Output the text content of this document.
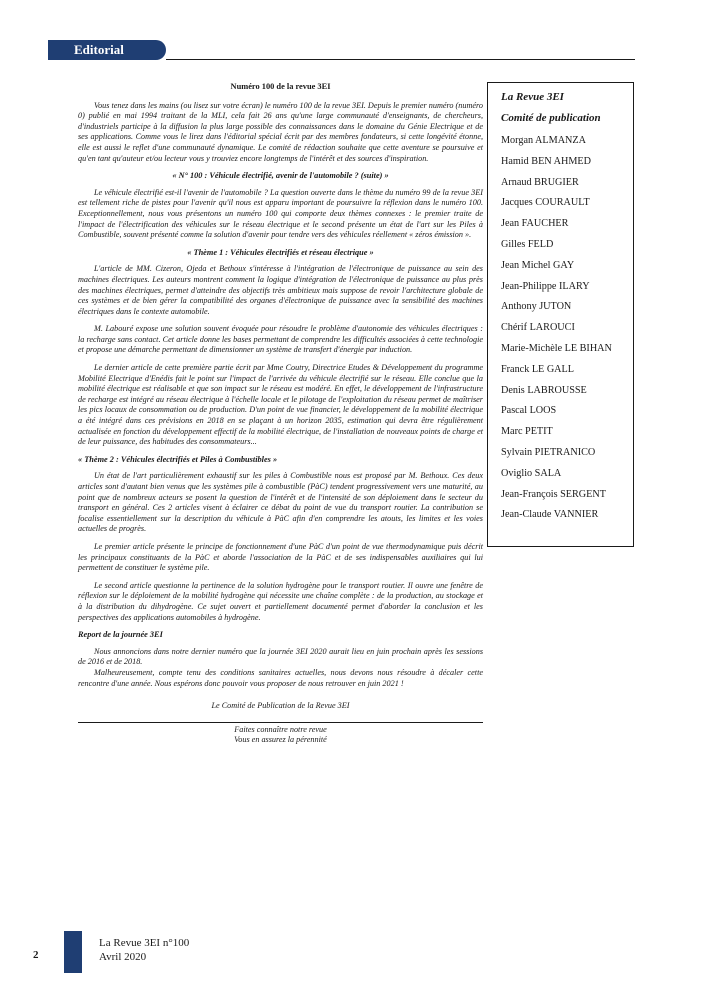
Editorial
Numéro 100 de la revue 3EI

Vous tenez dans les mains (ou lisez sur votre écran) le numéro 100 de la revue 3EI. Depuis le premier numéro (numéro 0) publié en mai 1994 traitant de la MLI, cela fait 26 ans qu'une large communauté d'enseignants, de chercheurs, d'industriels participe à la diffusion la plus large possible des connaissances dans le domaine du Génie Electrique et de ses applications. Comme vous le lirez dans l'éditorial spécial écrit par des membres fondateurs, si cette longévité étonne, elle est aussi le reflet d'une communauté dynamique. Le comité de rédaction souhaite que cette aventure se poursuive et qu'en tant qu'auteur et/ou lecteur vous y trouviez encore longtemps de l'intérêt et des sources d'inspiration.

« N° 100 : Véhicule électrifié, avenir de l'automobile ? (suite) »

Le véhicule électrifié est-il l'avenir de l'automobile ? La question ouverte dans le thème du numéro 99 de la revue 3EI est tellement riche de pistes pour l'avenir qu'il nous est apparu important de poursuivre la réflexion dans le numéro 100. Exceptionnellement, nous vous présentons un numéro 100 qui comporte deux thèmes connexes : le premier traite de l'impact de l'électrification des véhicules sur le réseau électrique et le second présente un état de l'art sur les Piles à Combustible, souvent présenté comme la solution d'avenir pour tendre vers des véhicules réellement « zéros émission ».

« Thème 1 : Véhicules électrifiés et réseau électrique »

L'article de MM. Cizeron, Ojeda et Bethoux s'intéresse à l'intégration de l'électronique de puissance au sein des machines électriques. Les auteurs montrent comment la logique d'intégration de l'électronique de puissance au plus près des machines électriques, permet d'atteindre des objectifs très ambitieux mais suppose de revoir l'architecture globale de ces systèmes et de bien gérer la compatibilité des organes d'électronique de puissance avec la sensibilité des machines électriques dans le contexte automobile.

M. Labouré expose une solution souvent évoquée pour résoudre le problème d'autonomie des véhicules électriques : la recharge sans contact. Cet article donne les bases permettant de comprendre les difficultés associées à cette technologie et propose une démarche permettant de dimensionner un système de transfert d'énergie par induction.

Le dernier article de cette première partie écrit par Mme Coutry, Directrice Etudes & Développement du programme Mobilité Electrique d'Enédis fait le point sur l'impact de l'arrivée du véhicule électrifié sur le réseau. Elle conclue que la mobilité électrique est réalisable et que son impact sur le réseau est modéré. En effet, le développement de l'infrastructure de recharge est intégré au réseau électrique à l'échelle locale et le pilotage de l'exploitation du réseau permet de maîtriser les pics locaux de consommation ou de production. D'un point de vue financier, le développement de la mobilité électrique a été intégré dans ces prévisions en 2018 en se plaçant à un horizon 2035, estimation qui devra être régulièrement actualisée en fonction du développement effectif de la mobilité électrique, de l'installation de nouveaux points de charge et de leur puissance, des habitudes des consommateurs...

« Thème 2 : Véhicules électrifiés et Piles à Combustibles »

Un état de l'art particulièrement exhaustif sur les piles à Combustible nous est proposé par M. Bethoux. Ces deux articles sont d'autant bien venus que les systèmes pile à combustible (PàC) tendent progressivement vers une maturité, au point que de nombreux acteurs se posent la question de l'intérêt et de l'intensité de son déploiement dans le secteur du transport en général. Ces 2 articles visent à éclairer ce débat du point de vue du transport routier. La contribution se focalise essentiellement sur la description du véhicule à PàC afin d'en comprendre les atouts, les limites et les voies actuelles de progrès.

Le premier article présente le principe de fonctionnement d'une PàC d'un point de vue thermodynamique puis décrit les principaux constituants de la PàC et aborde l'association de la PàC et de ses indispensables auxiliaires qui lui permettent de constituer le système pile.

Le second article questionne la pertinence de la solution hydrogène pour le transport routier. Il ouvre une fenêtre de réflexion sur le déploiement de la mobilité hydrogène qui nécessite une chaîne complète : de la production, au stockage et à la distribution du dihydrogène. Ce sujet ouvert et partiellement documenté permet d'aborder la conclusion et les perspectives des applications automobiles à hydrogène.

Report de la journée 3EI

Nous annoncions dans notre dernier numéro que la journée 3EI 2020 aurait lieu en juin prochain après les sessions de 2016 et de 2018.

Malheureusement, compte tenu des conditions sanitaires actuelles, nous devons nous résoudre à décaler cette rencontre d'une année. Nous espérons donc pouvoir vous proposer de nous retrouver en juin 2021 !

Le Comité de Publication de la Revue 3EI
Faites connaître notre revue
Vous en assurez la pérennité
La Revue 3EI
Comité de publication
Morgan ALMANZA
Hamid BEN AHMED
Arnaud BRUGIER
Jacques COURAULT
Jean FAUCHER
Gilles FELD
Jean Michel GAY
Jean-Philippe ILARY
Anthony JUTON
Chérif LAROUCI
Marie-Michèle LE BIHAN
Franck LE GALL
Denis LABROUSSE
Pascal LOOS
Marc PETIT
Sylvain PIETRANICO
Oviglio SALA
Jean-François SERGENT
Jean-Claude VANNIER
2
La Revue 3EI n°100
Avril 2020
